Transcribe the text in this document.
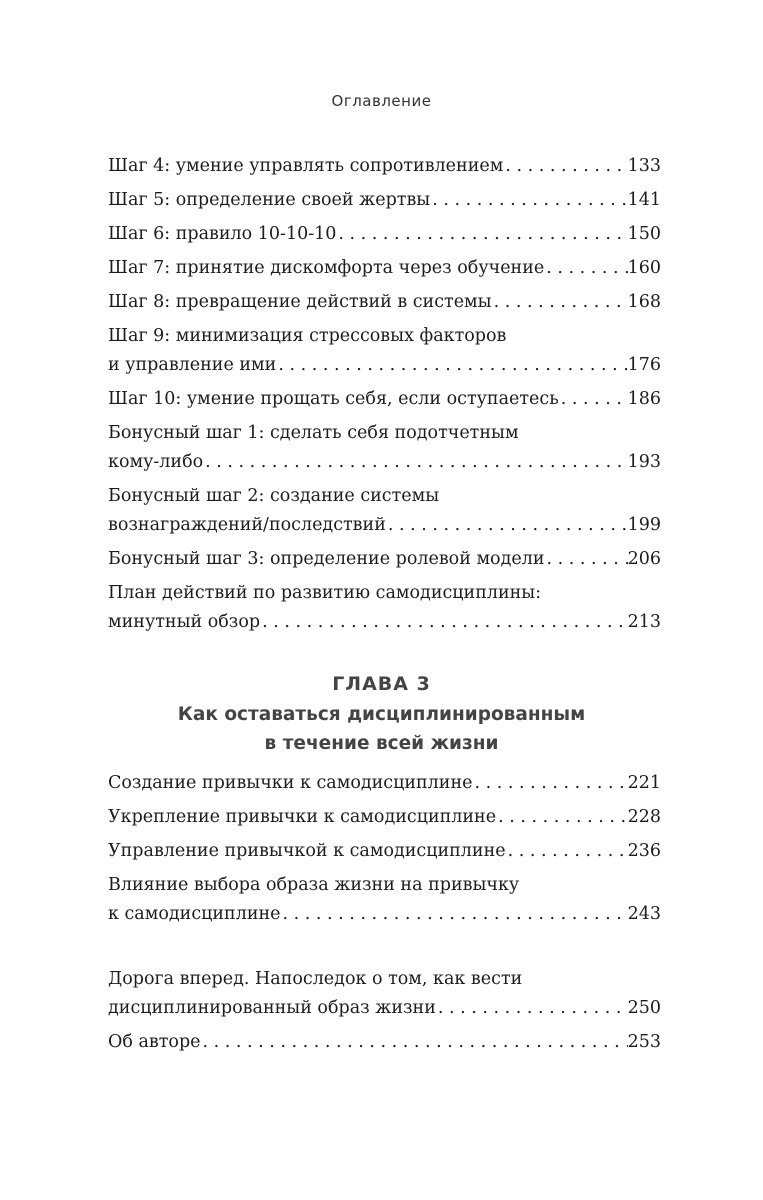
Оглавление
Шаг 4: умение управлять сопротивлением . . .	133
Шаг 5: определение своей жертвы . . .	141
Шаг 6: правило 10-10-10 . . .	150
Шаг 7: принятие дискомфорта через обучение . . .	160
Шаг 8: превращение действий в системы . . .	168
Шаг 9: минимизация стрессовых факторов
и управление ими . . .	176
Шаг 10: умение прощать себя, если оступаетесь . . .	186
Бонусный шаг 1: сделать себя подотчетным
кому-либо . . .	193
Бонусный шаг 2: создание системы
вознаграждений/последствий . . .	199
Бонусный шаг 3: определение ролевой модели . . .	206
План действий по развитию самодисциплины:
минутный обзор . . .	213
ГЛАВА 3
Как оставаться дисциплинированным
в течение всей жизни
Создание привычки к самодисциплине . . .	221
Укрепление привычки к самодисциплине . . .	228
Управление привычкой к самодисциплине . . .	236
Влияние выбора образа жизни на привычку
к самодисциплине . . .	243
Дорога вперед. Напоследок о том, как вести
дисциплинированный образ жизни . . .	250
Об авторе . . .	253
